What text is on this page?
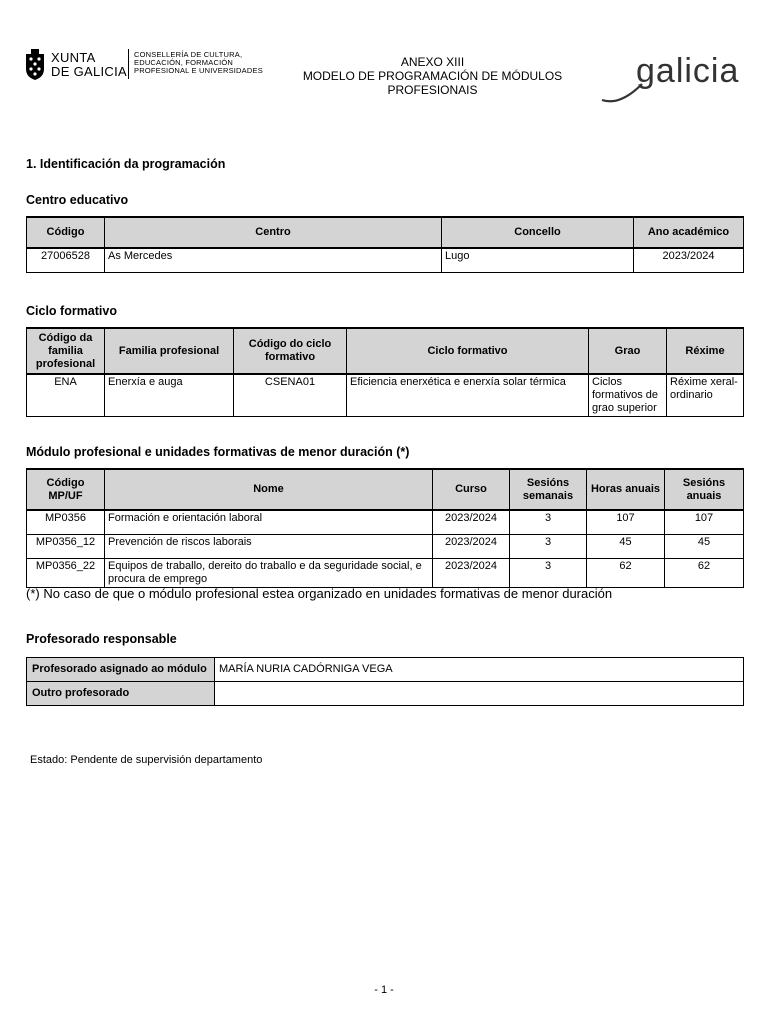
XUNTA
DE GALICIA
CONSELLERÍA DE CULTURA,
EDUCACIÓN, FORMACIÓN
PROFESIONAL E UNIVERSIDADES
ANEXO XIII
MODELO DE PROGRAMACIÓN DE MÓDULOS
PROFESIONAIS	galicia
1. Identificación da programación
Centro educativo
Código	Centro	Concello	Ano académico
27006528	As Mercedes	Lugo	2023/2024
Ciclo formativo
Código da familia profesional	Familia profesional	Código do ciclo formativo	Ciclo formativo	Grao	Réxime
ENA	Enerxía e auga	CSENA01	Eficiencia enerxética e enerxía solar térmica	Ciclos formativos de grao superior	Réxime xeral-ordinario
Módulo profesional e unidades formativas de menor duración (*)
Código MP/UF	Nome	Curso	Sesións semanais	Horas anuais	Sesións anuais
MP0356	Formación e orientación laboral	2023/2024	3	107	107
MP0356_12	Prevención de riscos laborais	2023/2024	3	45	45
MP0356_22	Equipos de traballo, dereito do traballo e da seguridade social, e procura de emprego	2023/2024	3	62	62
(*) No caso de que o módulo profesional estea organizado en unidades formativas de menor duración
Profesorado responsable
Profesorado asignado ao módulo	MARÍA NURIA CADÓRNIGA VEGA
Outro profesorado	
Estado: Pendente de supervisión departamento
- 1 -
